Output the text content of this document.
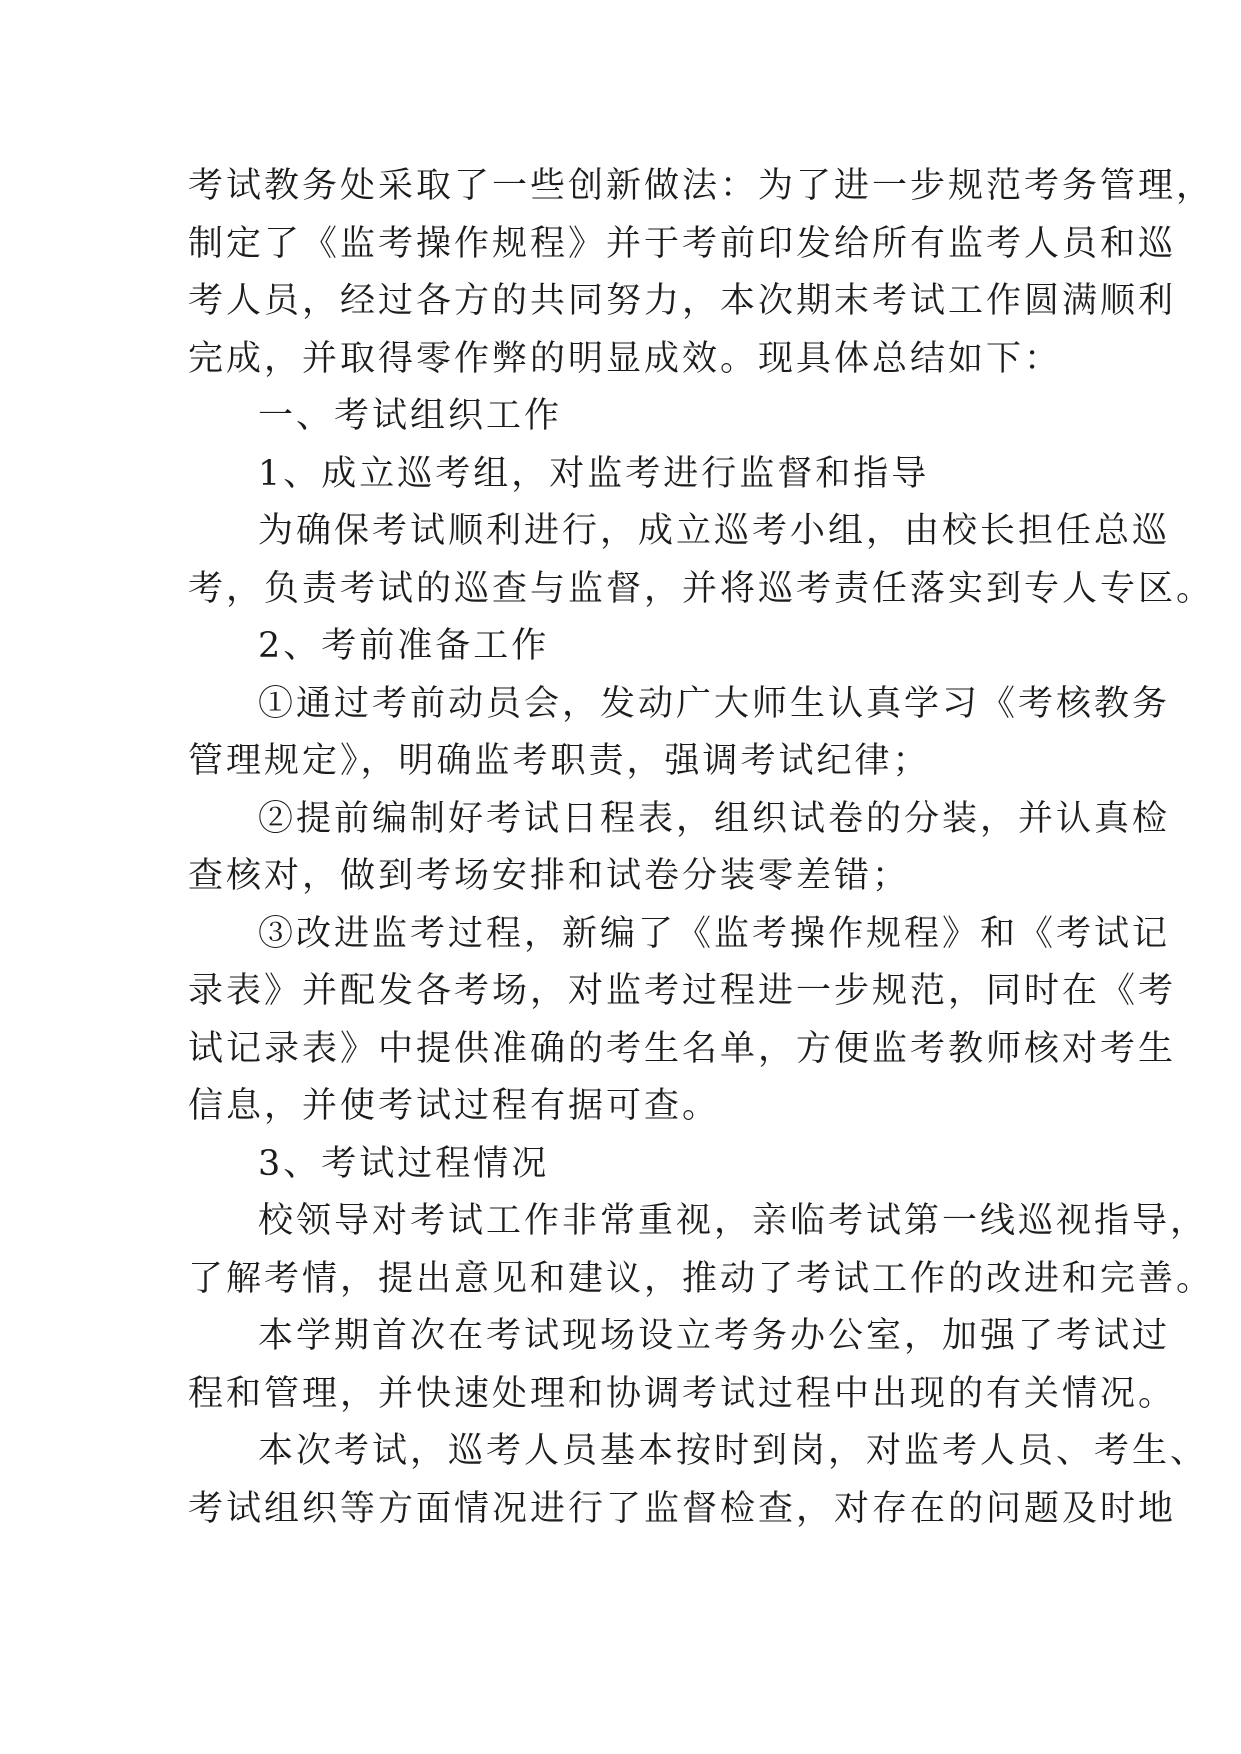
考试教务处采取了一些创新做法：为了进一步规范考务管理，
制定了《监考操作规程》并于考前印发给所有监考人员和巡
考人员，经过各方的共同努力，本次期末考试工作圆满顺利
完成，并取得零作弊的明显成效。现具体总结如下：
一、考试组织工作
1、成立巡考组，对监考进行监督和指导
为确保考试顺利进行，成立巡考小组，由校长担任总巡
考，负责考试的巡查与监督，并将巡考责任落实到专人专区。
2、考前准备工作
①通过考前动员会，发动广大师生认真学习《考核教务
管理规定》，明确监考职责，强调考试纪律；
②提前编制好考试日程表，组织试卷的分装，并认真检
查核对，做到考场安排和试卷分装零差错；
③改进监考过程，新编了《监考操作规程》和《考试记
录表》并配发各考场，对监考过程进一步规范，同时在《考
试记录表》中提供准确的考生名单，方便监考教师核对考生
信息，并使考试过程有据可查。
3、考试过程情况
校领导对考试工作非常重视，亲临考试第一线巡视指导，
了解考情，提出意见和建议，推动了考试工作的改进和完善。
本学期首次在考试现场设立考务办公室，加强了考试过
程和管理，并快速处理和协调考试过程中出现的有关情况。
本次考试，巡考人员基本按时到岗，对监考人员、考生、
考试组织等方面情况进行了监督检查，对存在的问题及时地
